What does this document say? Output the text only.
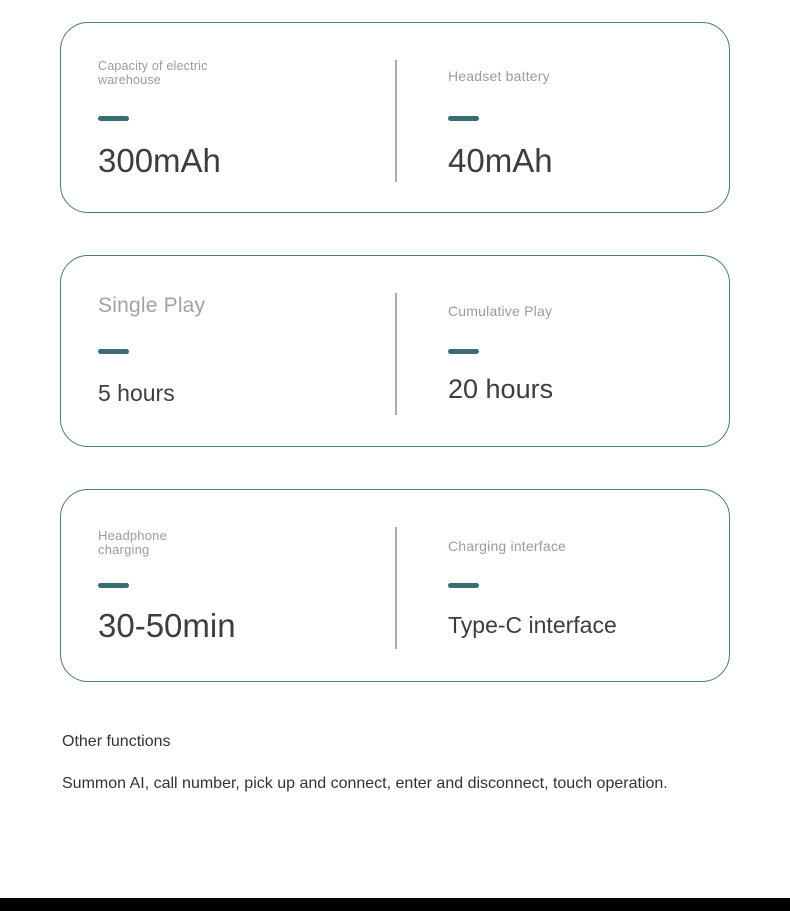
Capacity of electric warehouse
300mAh
Headset battery
40mAh
Single Play
5 hours
Cumulative Play
20 hours
Headphone charging
30-50min
Charging interface
Type-C interface
Other functions
Summon AI, call number, pick up and connect, enter and disconnect, touch operation.
